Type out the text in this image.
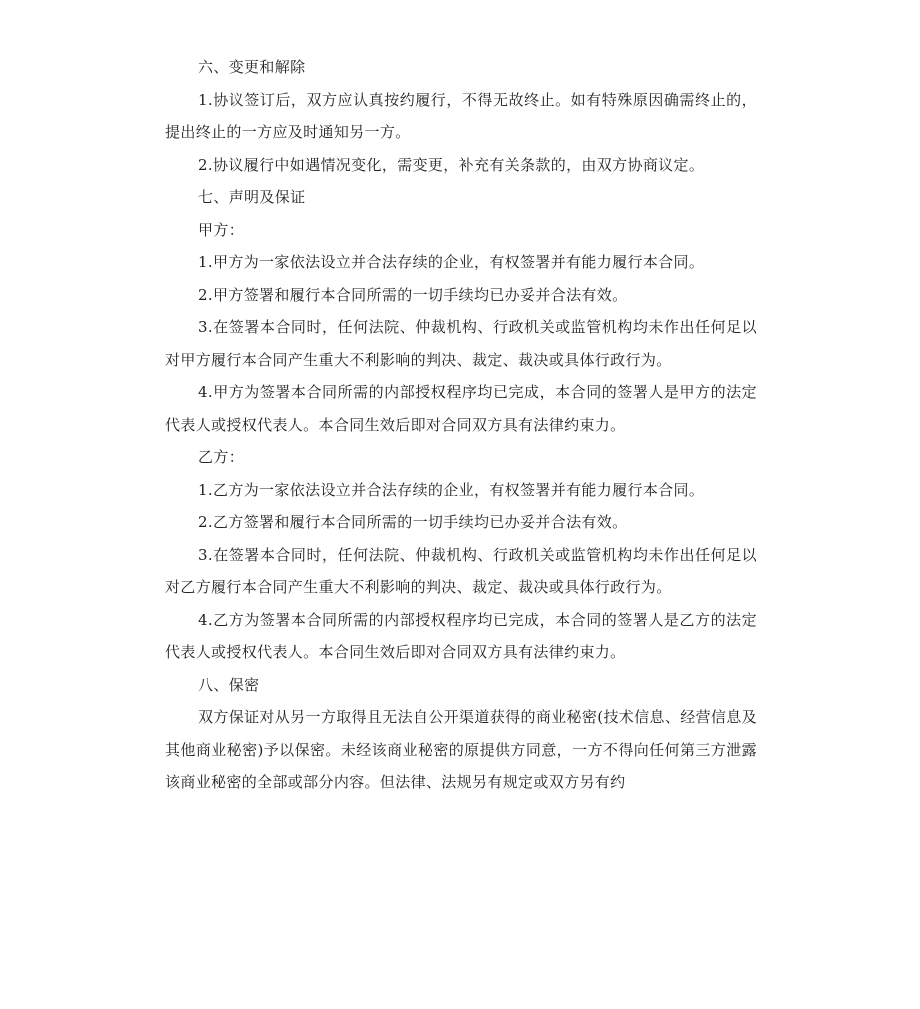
六、变更和解除

1.协议签订后，双方应认真按约履行，不得无故终止。如有特殊原因确需终止的，提出终止的一方应及时通知另一方。

2.协议履行中如遇情况变化，需变更，补充有关条款的，由双方协商议定。

七、声明及保证

甲方：

1.甲方为一家依法设立并合法存续的企业，有权签署并有能力履行本合同。

2.甲方签署和履行本合同所需的一切手续均已办妥并合法有效。

3.在签署本合同时，任何法院、仲裁机构、行政机关或监管机构均未作出任何足以对甲方履行本合同产生重大不利影响的判决、裁定、裁决或具体行政行为。

4.甲方为签署本合同所需的内部授权程序均已完成，本合同的签署人是甲方的法定代表人或授权代表人。本合同生效后即对合同双方具有法律约束力。

乙方：

1.乙方为一家依法设立并合法存续的企业，有权签署并有能力履行本合同。

2.乙方签署和履行本合同所需的一切手续均已办妥并合法有效。

3.在签署本合同时，任何法院、仲裁机构、行政机关或监管机构均未作出任何足以对乙方履行本合同产生重大不利影响的判决、裁定、裁决或具体行政行为。

4.乙方为签署本合同所需的内部授权程序均已完成，本合同的签署人是乙方的法定代表人或授权代表人。本合同生效后即对合同双方具有法律约束力。

八、保密

双方保证对从另一方取得且无法自公开渠道获得的商业秘密(技术信息、经营信息及其他商业秘密)予以保密。未经该商业秘密的原提供方同意，一方不得向任何第三方泄露该商业秘密的全部或部分内容。但法律、法规另有规定或双方另有约
